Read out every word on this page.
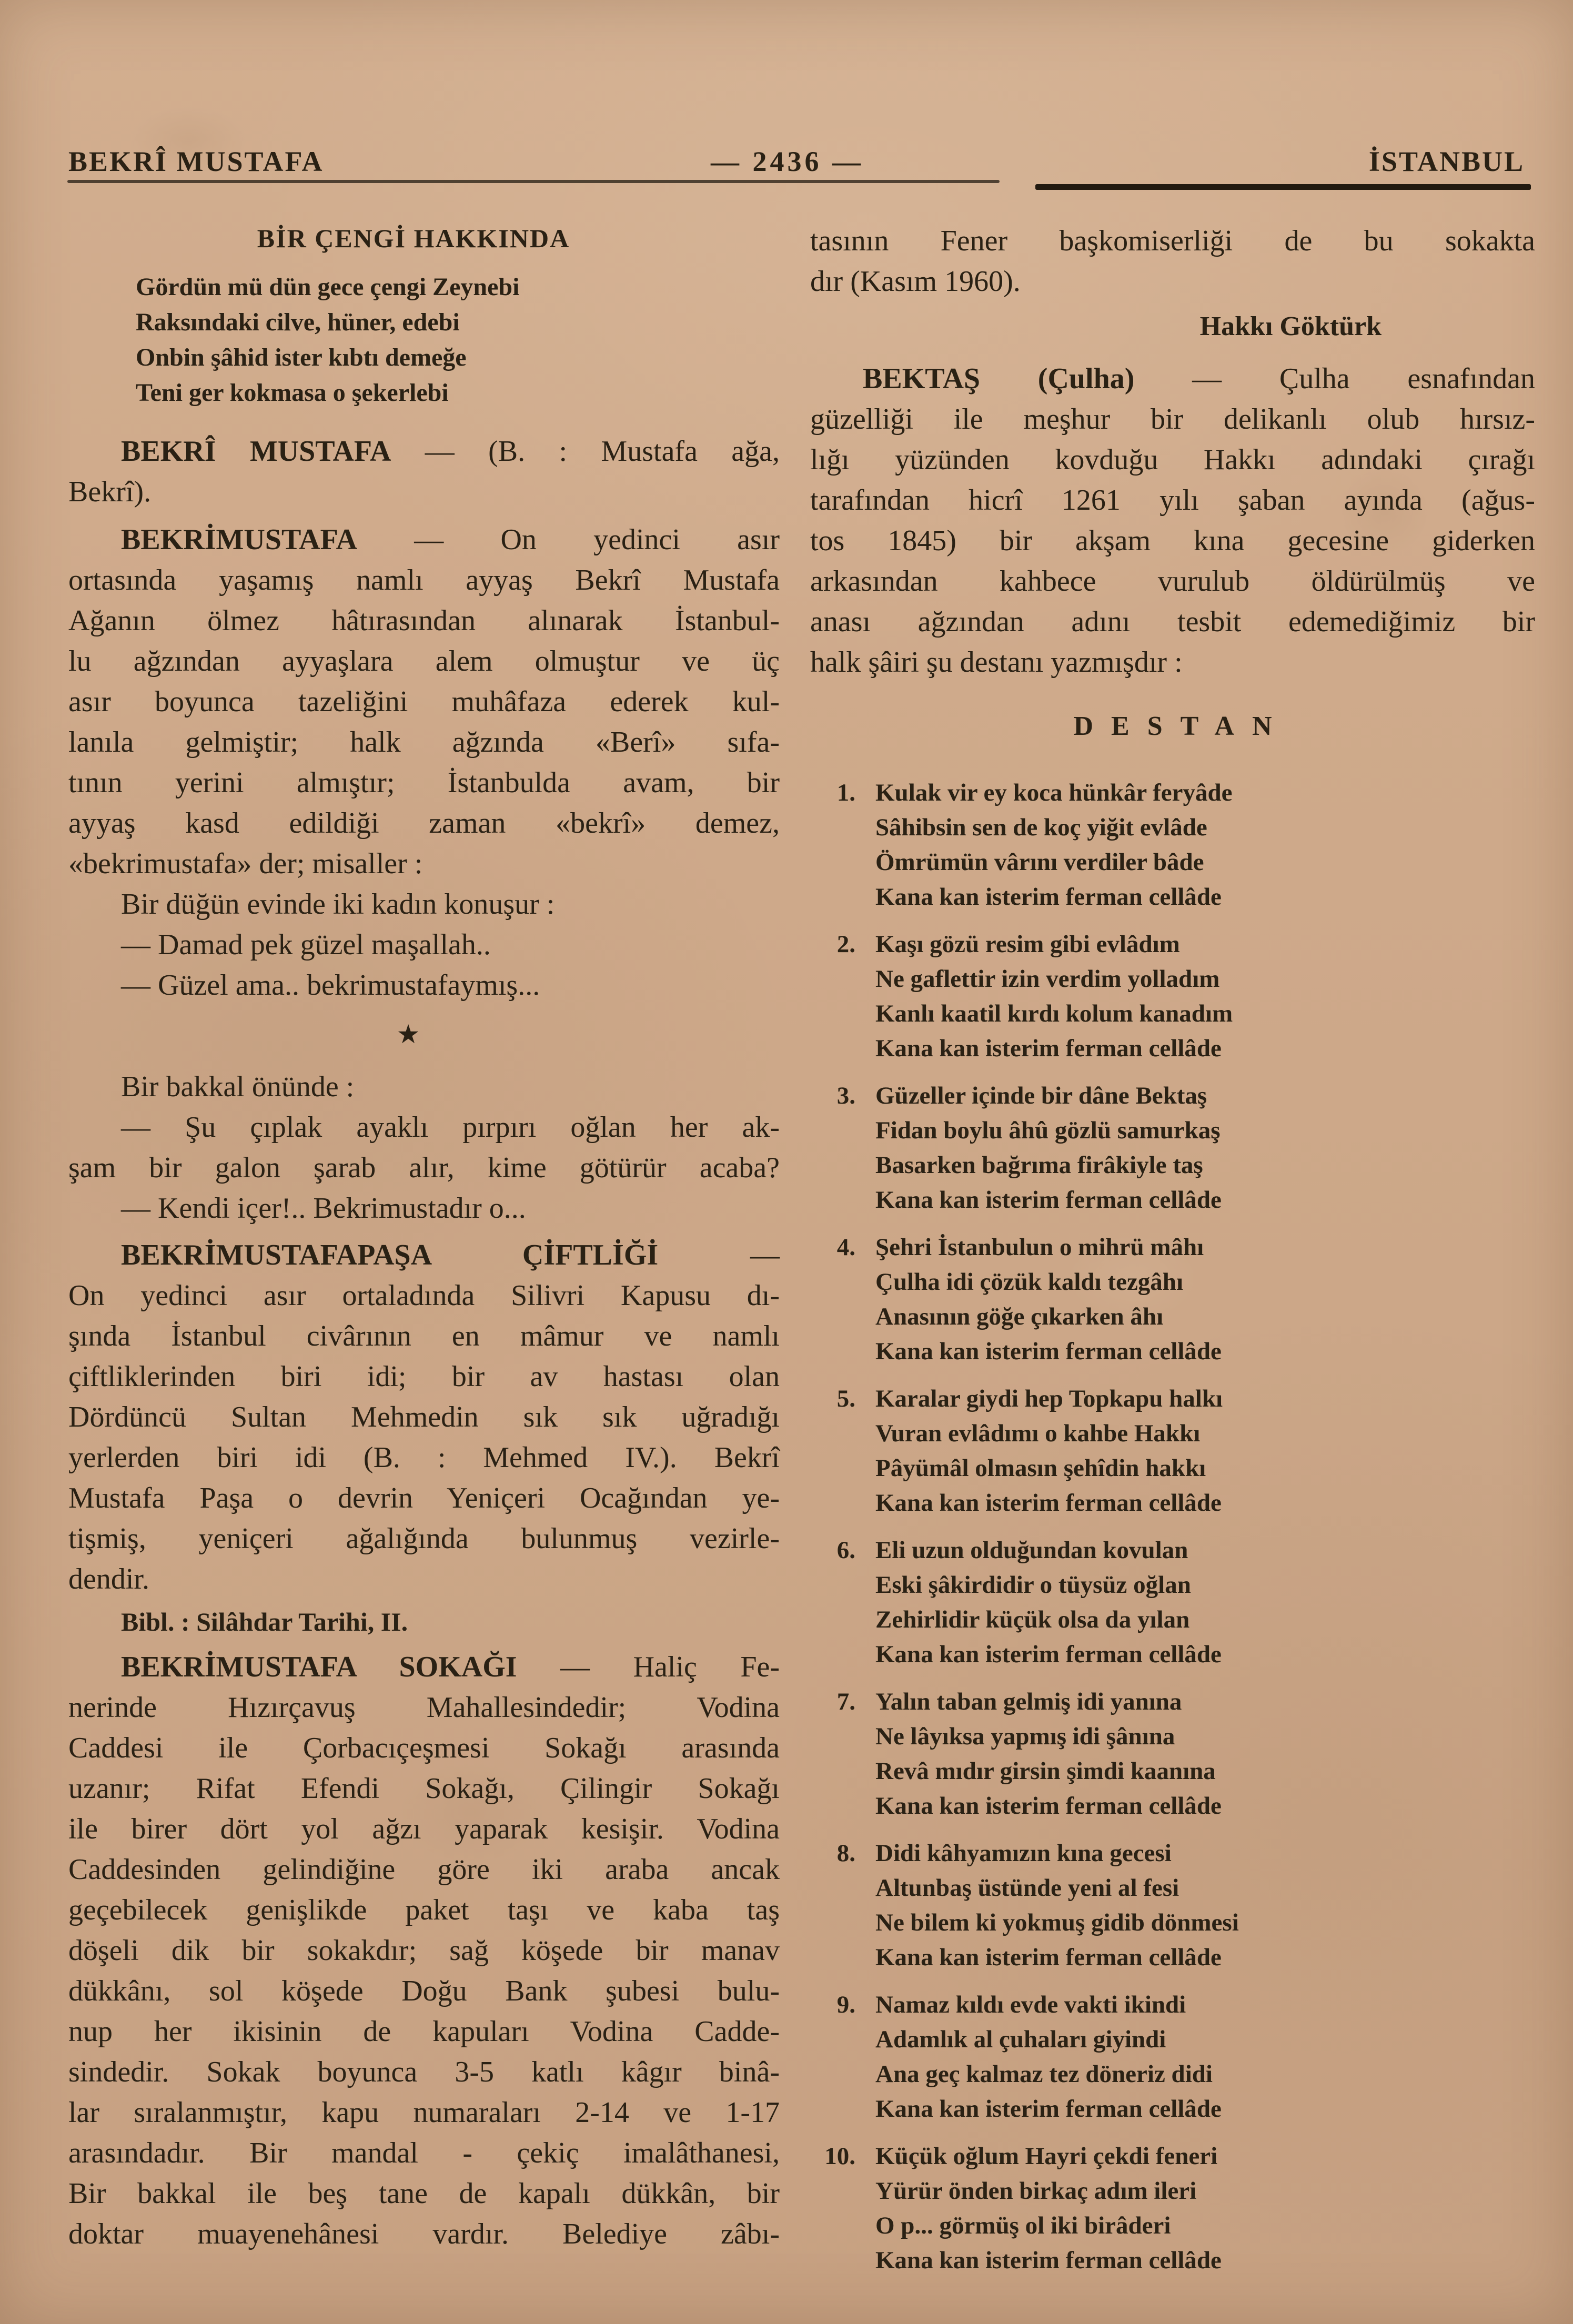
BEKRÎ MUSTAFA	— 2436 —	İSTANBUL
BİR ÇENGİ HAKKINDA
Gördün mü dün gece çengi Zeynebi
Raksındaki cilve, hüner, edebi
Onbin şâhid ister kıbtı demeğe
Teni ger kokmasa o şekerlebi
BEKRÎ MUSTAFA — (B. : Mustafa ağa,
Bekrî).
BEKRİMUSTAFA — On yedinci asır
ortasında yaşamış namlı ayyaş Bekrî Mustafa
Ağanın ölmez hâtırasından alınarak İstanbul-
lu ağzından ayyaşlara alem olmuştur ve üç
asır boyunca tazeliğini muhâfaza ederek kul-
lanıla gelmiştir; halk ağzında «Berî» sıfa-
tının yerini almıştır; İstanbulda avam, bir
ayyaş kasd edildiği zaman «bekrî» demez,
«bekrimustafa» der; misaller :
Bir düğün evinde iki kadın konuşur :
— Damad pek güzel maşallah..
— Güzel ama.. bekrimustafaymış...
★
Bir bakkal önünde :
— Şu çıplak ayaklı pırpırı oğlan her ak-
şam bir galon şarab alır, kime götürür acaba?
— Kendi içer!.. Bekrimustadır o...
BEKRİMUSTAFAPAŞA ÇİFTLİĞİ —
On yedinci asır ortaladında Silivri Kapusu dı-
şında İstanbul civârının en mâmur ve namlı
çiftliklerinden biri idi; bir av hastası olan
Dördüncü Sultan Mehmedin sık sık uğradığı
yerlerden biri idi (B. : Mehmed IV.). Bekrî
Mustafa Paşa o devrin Yeniçeri Ocağından ye-
tişmiş, yeniçeri ağalığında bulunmuş vezirle-
dendir.
Bibl. : Silâhdar Tarihi, II.
BEKRİMUSTAFA SOKAĞI — Haliç Fe-
nerinde Hızırçavuş Mahallesindedir; Vodina
Caddesi ile Çorbacıçeşmesi Sokağı arasında
uzanır; Rifat Efendi Sokağı, Çilingir Sokağı
ile birer dört yol ağzı yaparak kesişir. Vodina
Caddesinden gelindiğine göre iki araba ancak
geçebilecek genişlikde paket taşı ve kaba taş
döşeli dik bir sokakdır; sağ köşede bir manav
dükkânı, sol köşede Doğu Bank şubesi bulu-
nup her ikisinin de kapuları Vodina Cadde-
sindedir. Sokak boyunca 3-5 katlı kâgır binâ-
lar sıralanmıştır, kapu numaraları 2-14 ve 1-17
arasındadır. Bir mandal - çekiç imalâthanesi,
Bir bakkal ile beş tane de kapalı dükkân, bir
doktar muayenehânesi vardır. Belediye zâbı-
tasının Fener başkomiserliği de bu sokakta
dır (Kasım 1960).
Hakkı Göktürk
BEKTAŞ (Çulha) — Çulha esnafından
güzelliği ile meşhur bir delikanlı olub hırsız-
lığı yüzünden kovduğu Hakkı adındaki çırağı
tarafından hicrî 1261 yılı şaban ayında (ağus-
tos 1845) bir akşam kına gecesine giderken
arkasından kahbece vurulub öldürülmüş ve
anası ağzından adını tesbit edemediğimiz bir
halk şâiri şu destanı yazmışdır :
DESTAN
1. Kulak vir ey koca hünkâr feryâde
Sâhibsin sen de koç yiğit evlâde
Ömrümün vârını verdiler bâde
Kana kan isterim ferman cellâde
2. Kaşı gözü resim gibi evlâdım
Ne gaflettir izin verdim yolladım
Kanlı kaatil kırdı kolum kanadım
Kana kan isterim ferman cellâde
3. Güzeller içinde bir dâne Bektaş
Fidan boylu âhû gözlü samurkaş
Basarken bağrıma firâkiyle taş
Kana kan isterim ferman cellâde
4. Şehri İstanbulun o mihrü mâhı
Çulha idi çözük kaldı tezgâhı
Anasının göğe çıkarken âhı
Kana kan isterim ferman cellâde
5. Karalar giydi hep Topkapu halkı
Vuran evlâdımı o kahbe Hakkı
Pâyümâl olmasın şehîdin hakkı
Kana kan isterim ferman cellâde
6. Eli uzun olduğundan kovulan
Eski şâkirdidir o tüysüz oğlan
Zehirlidir küçük olsa da yılan
Kana kan isterim ferman cellâde
7. Yalın taban gelmiş idi yanına
Ne lâyıksa yapmış idi şânına
Revâ mıdır girsin şimdi kaanına
Kana kan isterim ferman cellâde
8. Didi kâhyamızın kına gecesi
Altunbaş üstünde yeni al fesi
Ne bilem ki yokmuş gidib dönmesi
Kana kan isterim ferman cellâde
9. Namaz kıldı evde vakti ikindi
Adamlık al çuhaları giyindi
Ana geç kalmaz tez döneriz didi
Kana kan isterim ferman cellâde
10. Küçük oğlum Hayri çekdi feneri
Yürür önden birkaç adım ileri
O p... görmüş ol iki birâderi
Kana kan isterim ferman cellâde
